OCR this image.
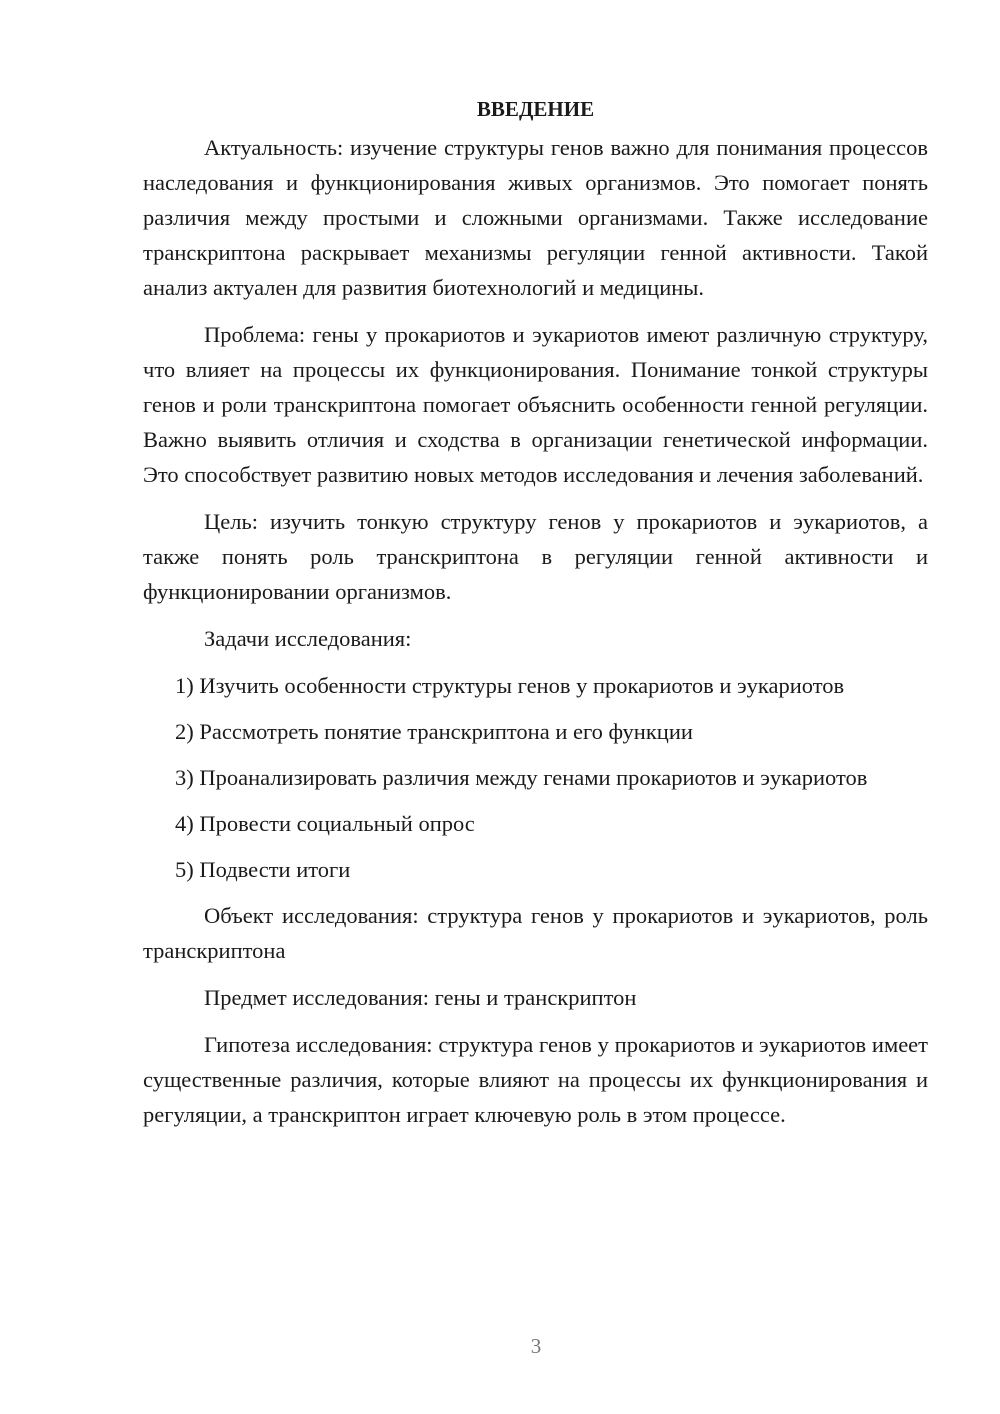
ВВЕДЕНИЕ

Актуальность: изучение структуры генов важно для понимания процессов наследования и функционирования живых организмов. Это помогает понять различия между простыми и сложными организмами. Также исследование транскриптона раскрывает механизмы регуляции генной активности. Такой анализ актуален для развития биотехнологий и медицины.

Проблема: гены у прокариотов и эукариотов имеют различную структуру, что влияет на процессы их функционирования. Понимание тонкой структуры генов и роли транскриптона помогает объяснить особенности генной регуляции. Важно выявить отличия и сходства в организации генетической информации. Это способствует развитию новых методов исследования и лечения заболеваний.

Цель: изучить тонкую структуру генов у прокариотов и эукариотов, а также понять роль транскриптона в регуляции генной активности и функционировании организмов.

Задачи исследования:

1) Изучить особенности структуры генов у прокариотов и эукариотов

2) Рассмотреть понятие транскриптона и его функции

3) Проанализировать различия между генами прокариотов и эукариотов

4) Провести социальный опрос

5) Подвести итоги

Объект исследования: структура генов у прокариотов и эукариотов, роль транскриптона

Предмет исследования: гены и транскриптон

Гипотеза исследования: структура генов у прокариотов и эукариотов имеет существенные различия, которые влияют на процессы их функционирования и регуляции, а транскриптон играет ключевую роль в этом процессе.

3
